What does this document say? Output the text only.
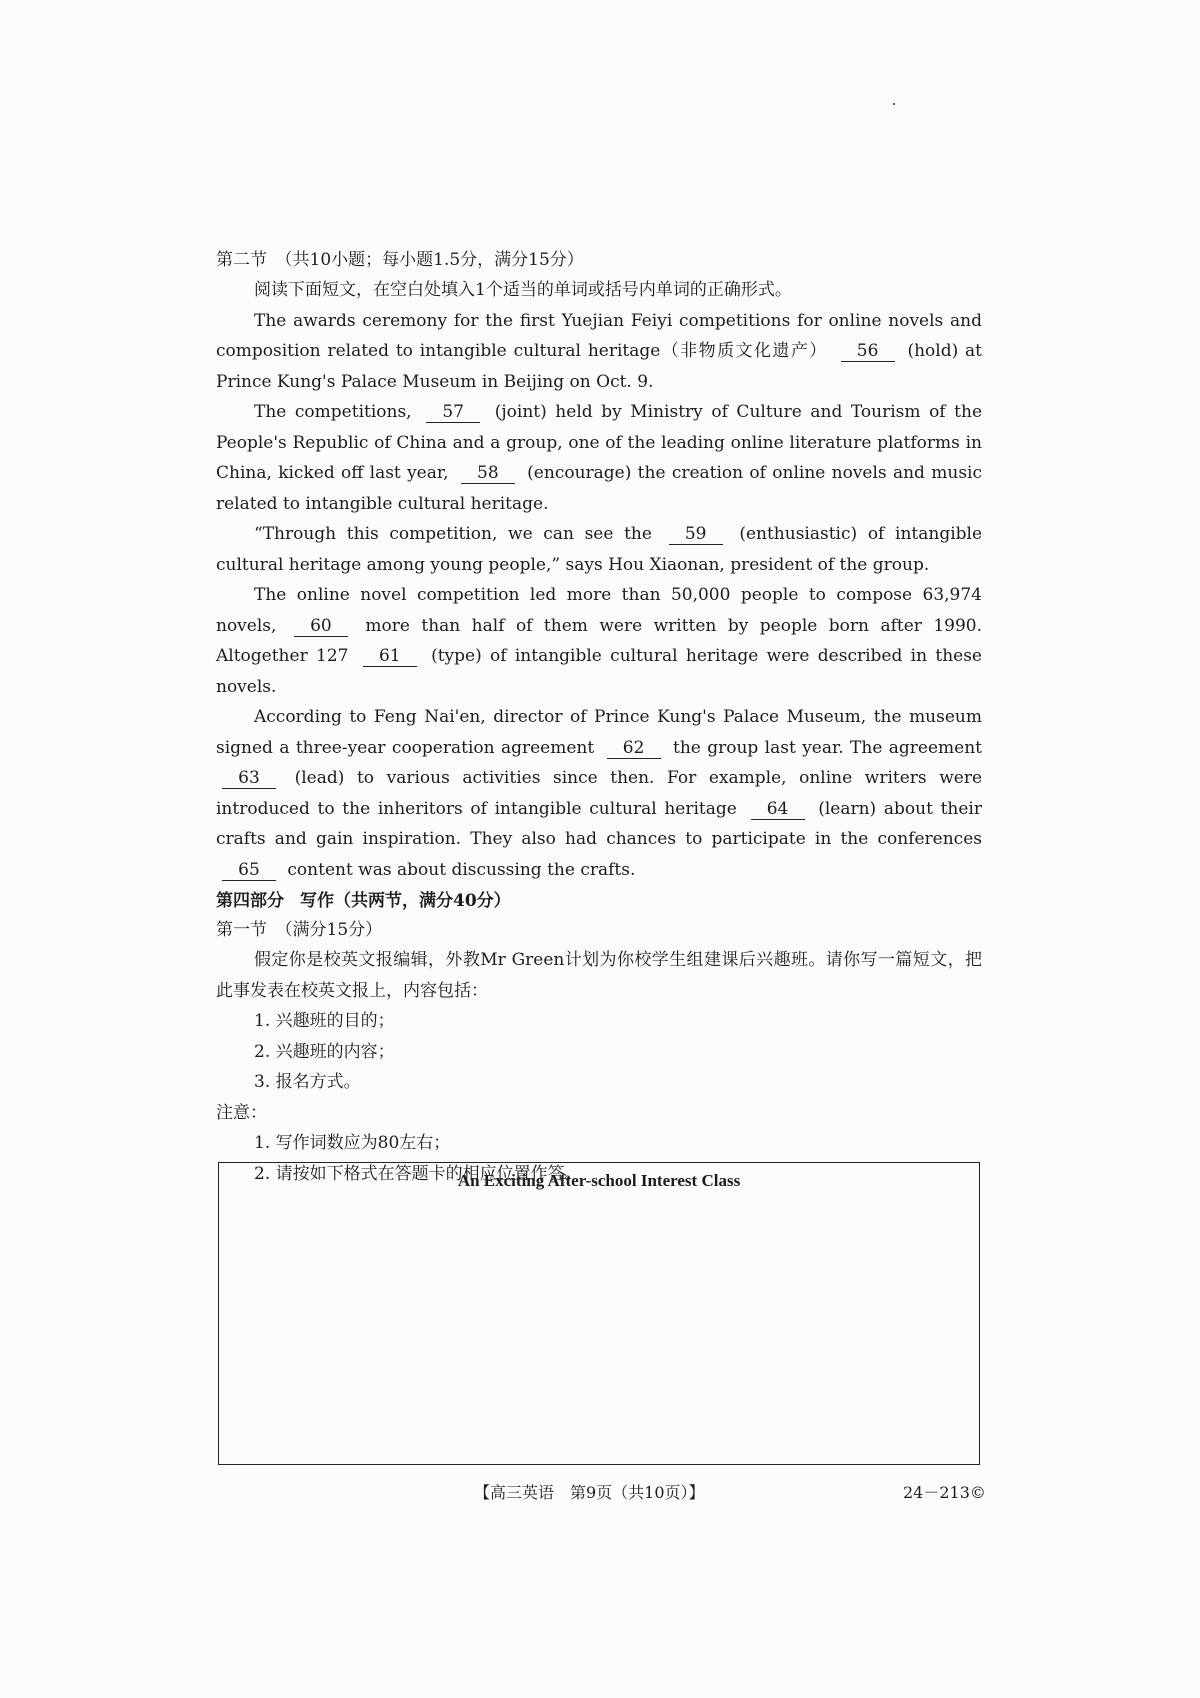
第二节　（共10小题；每小题1.5分，满分15分）

阅读下面短文，在空白处填入1个适当的单词或括号内单词的正确形式。

The awards ceremony for the first Yuejian Feiyi competitions for online novels and composition related to intangible cultural heritage（非物质文化遗产） 56 (hold) at Prince Kung's Palace Museum in Beijing on Oct. 9.

The competitions, 57 (joint) held by Ministry of Culture and Tourism of the People's Republic of China and a group, one of the leading online literature platforms in China, kicked off last year, 58 (encourage) the creation of online novels and music related to intangible cultural heritage.

“Through this competition, we can see the 59 (enthusiastic) of intangible cultural heritage among young people,” says Hou Xiaonan, president of the group.

The online novel competition led more than 50,000 people to compose 63,974 novels, 60 more than half of them were written by people born after 1990. Altogether 127 61 (type) of intangible cultural heritage were described in these novels.

According to Feng Nai'en, director of Prince Kung's Palace Museum, the museum signed a three-year cooperation agreement 62 the group last year. The agreement 63 (lead) to various activities since then. For example, online writers were introduced to the inheritors of intangible cultural heritage 64 (learn) about their crafts and gain inspiration. They also had chances to participate in the conferences 65 content was about discussing the crafts.

第四部分 写作（共两节，满分40分）

第一节　（满分15分）

假定你是校英文报编辑，外教Mr Green计划为你校学生组建课后兴趣班。请你写一篇短文，把此事发表在校英文报上，内容包括：

1. 兴趣班的目的；

2. 兴趣班的内容；

3. 报名方式。

注意：

1. 写作词数应为80左右；

2. 请按如下格式在答题卡的相应位置作答。

An Exciting After-school Interest Class
【高三英语　第9页（共10页）】	24－213©
